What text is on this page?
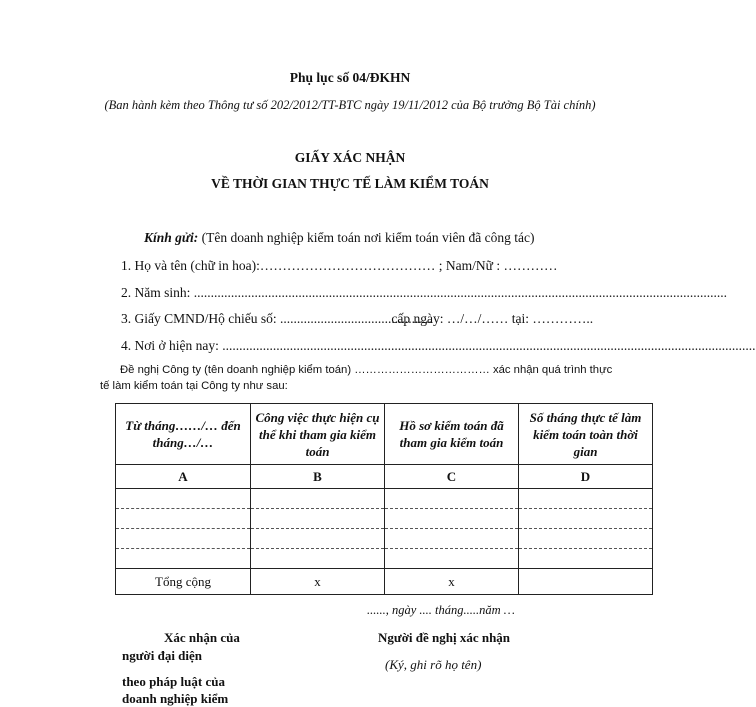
Phụ lục số 04/ĐKHN
(Ban hành kèm theo Thông tư số 202/2012/TT-BTC ngày 19/11/2012 của Bộ trưởng Bộ Tài chính)
GIẤY XÁC NHẬN
VỀ THỜI GIAN THỰC TẾ LÀM KIỂM TOÁN
Kính gửi: (Tên doanh nghiệp kiểm toán nơi kiểm toán viên đã công tác)
1. Họ và tên (chữ in hoa):………………………………… ; Nam/Nữ : …………
2. Năm sinh: ..............................................................................................................................................................
3. Giấy CMND/Hộ chiếu số: ............................................. cấp ngày: …/…/…… tại: …………..
4. Nơi ở hiện nay: ..............................................................................................................................................................
Đề nghị Công ty (tên doanh nghiệp kiểm toán) ……………………………… xác nhận quá trình thực
tế làm kiểm toán tại Công ty như sau:
Từ tháng……/… đến tháng…/…	Công việc thực hiện cụ thể khi tham gia kiểm toán	Hồ sơ kiểm toán đã tham gia kiểm toán	Số tháng thực tế làm kiểm toán toàn thời gian
A	B	C	D

Tổng cộng	x	x	
......, ngày .... tháng.....năm …
Xác nhận của
người đại diện
theo pháp luật của
doanh nghiệp kiểm
Người đề nghị xác nhận
(Ký, ghi rõ họ tên)
